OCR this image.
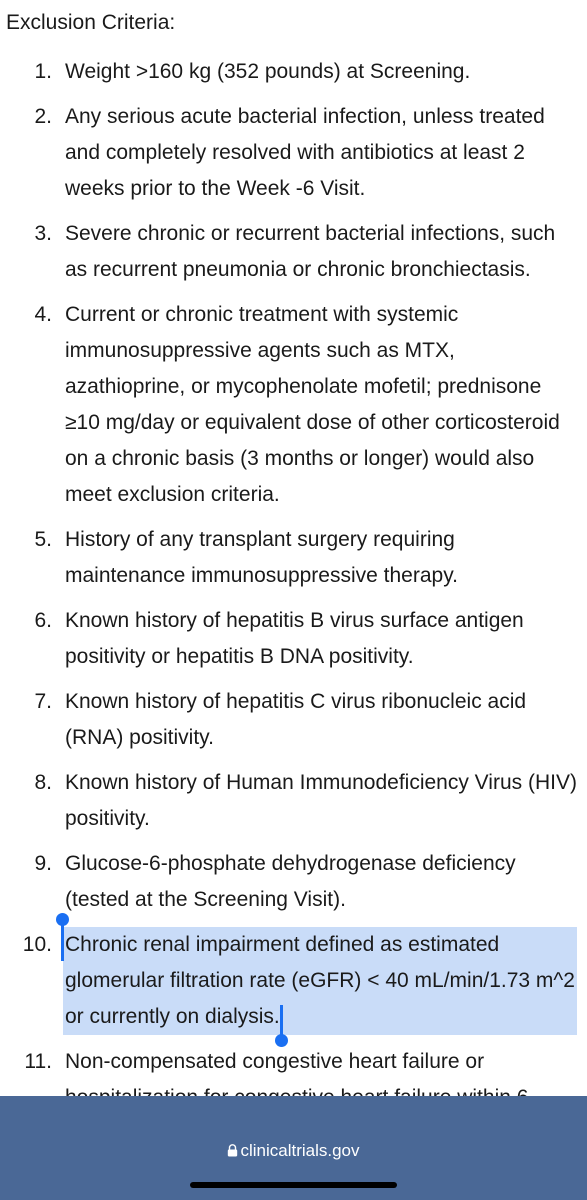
Exclusion Criteria:
1. Weight >160 kg (352 pounds) at Screening.
2. Any serious acute bacterial infection, unless treated and completely resolved with antibiotics at least 2 weeks prior to the Week -6 Visit.
3. Severe chronic or recurrent bacterial infections, such as recurrent pneumonia or chronic bronchiectasis.
4. Current or chronic treatment with systemic immunosuppressive agents such as MTX, azathioprine, or mycophenolate mofetil; prednisone ≥10 mg/day or equivalent dose of other corticosteroid on a chronic basis (3 months or longer) would also meet exclusion criteria.
5. History of any transplant surgery requiring maintenance immunosuppressive therapy.
6. Known history of hepatitis B virus surface antigen positivity or hepatitis B DNA positivity.
7. Known history of hepatitis C virus ribonucleic acid (RNA) positivity.
8. Known history of Human Immunodeficiency Virus (HIV) positivity.
9. Glucose-6-phosphate dehydrogenase deficiency (tested at the Screening Visit).
10. Chronic renal impairment defined as estimated glomerular filtration rate (eGFR) < 40 mL/min/1.73 m^2 or currently on dialysis.
11. Non-compensated congestive heart failure or
clinicaltrials.gov
